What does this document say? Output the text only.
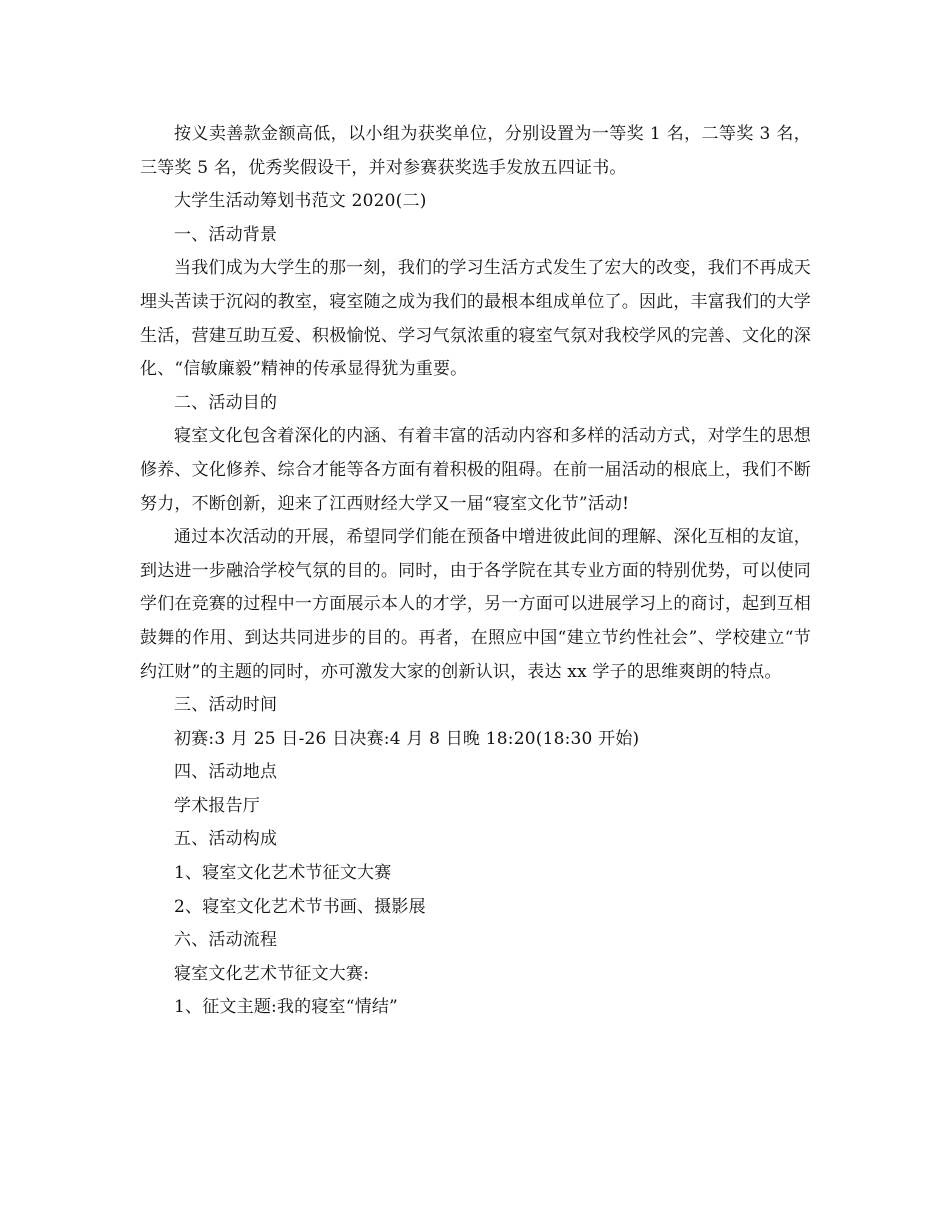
按义卖善款金额高低，以小组为获奖单位，分别设置为一等奖 1 名，二等奖 3 名，三等奖 5 名，优秀奖假设干，并对参赛获奖选手发放五四证书。

大学生活动筹划书范文 2020(二)

一、活动背景

当我们成为大学生的那一刻，我们的学习生活方式发生了宏大的改变，我们不再成天埋头苦读于沉闷的教室，寝室随之成为我们的最根本组成单位了。因此，丰富我们的大学生活，营建互助互爱、积极愉悦、学习气氛浓重的寝室气氛对我校学风的完善、文化的深化、“信敏廉毅”精神的传承显得犹为重要。

二、活动目的

寝室文化包含着深化的内涵、有着丰富的活动内容和多样的活动方式，对学生的思想修养、文化修养、综合才能等各方面有着积极的阻碍。在前一届活动的根底上，我们不断努力，不断创新，迎来了江西财经大学又一届“寝室文化节”活动!

通过本次活动的开展，希望同学们能在预备中增进彼此间的理解、深化互相的友谊，到达进一步融洽学校气氛的目的。同时，由于各学院在其专业方面的特别优势，可以使同学们在竞赛的过程中一方面展示本人的才学，另一方面可以进展学习上的商讨，起到互相鼓舞的作用、到达共同进步的目的。再者，在照应中国“建立节约性社会”、学校建立“节约江财”的主题的同时，亦可激发大家的创新认识，表达 xx 学子的思维爽朗的特点。

三、活动时间

初赛:3 月 25 日-26 日决赛:4 月 8 日晚 18:20(18:30 开始)

四、活动地点

学术报告厅

五、活动构成

1、寝室文化艺术节征文大赛

2、寝室文化艺术节书画、摄影展

六、活动流程

寝室文化艺术节征文大赛:

1、征文主题:我的寝室“情结”
